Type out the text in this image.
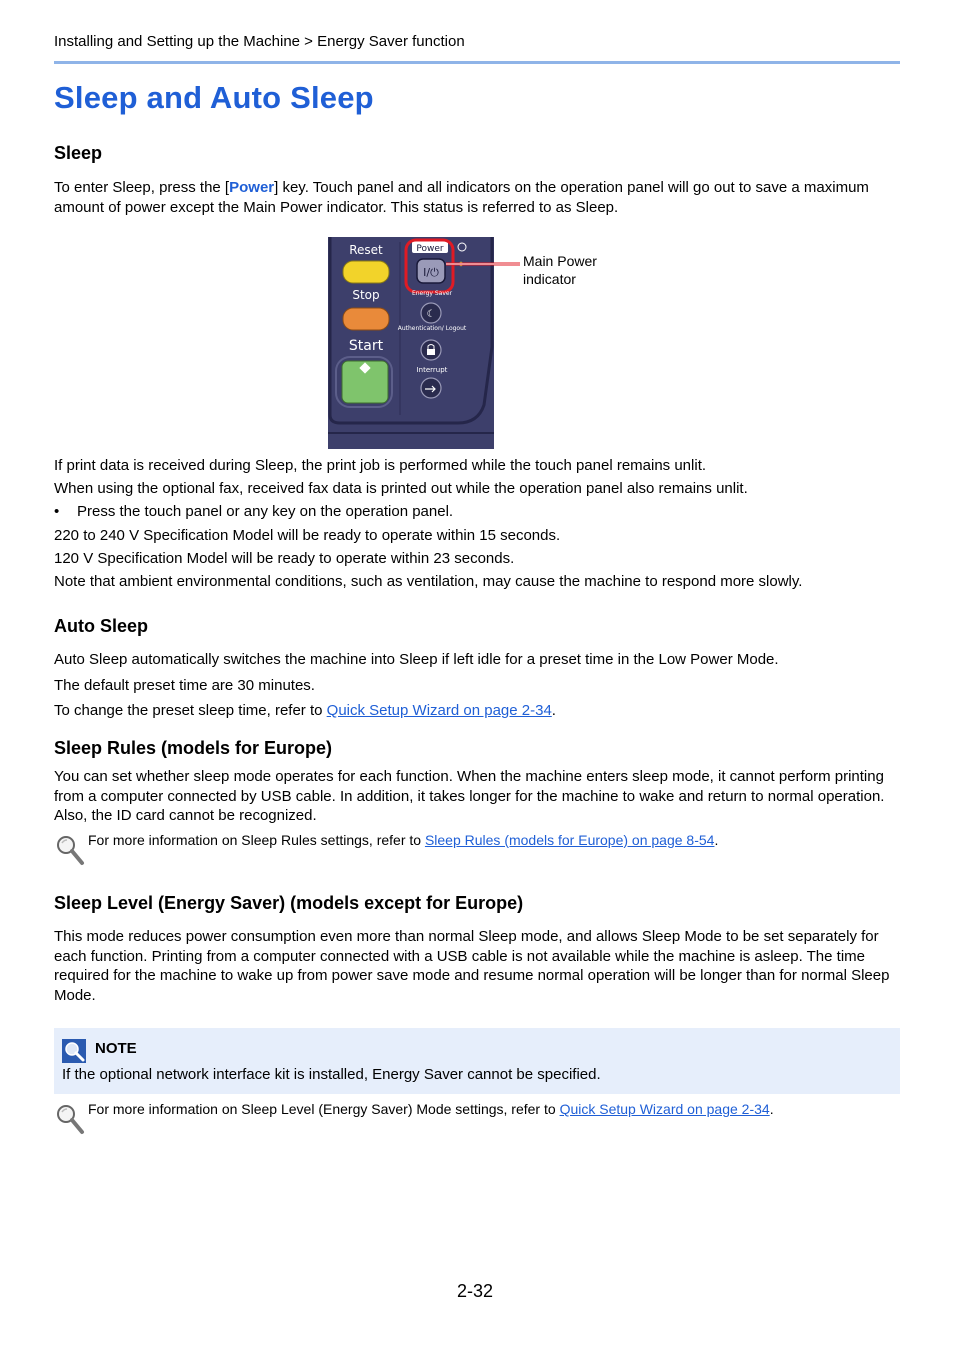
Installing and Setting up the Machine > Energy Saver function
Sleep and Auto Sleep
Sleep

To enter Sleep, press the [Power] key. Touch panel and all indicators on the operation panel will go out to save a maximum amount of power except the Main Power indicator. This status is referred to as Sleep.

Reset
Stop
Start
Power
I/⏻
Energy Saver
☾
Authentication/ Logout
Interrupt
Main Power indicator

If print data is received during Sleep, the print job is performed while the touch panel remains unlit.

When using the optional fax, received fax data is printed out while the operation panel also remains unlit.

• Press the touch panel or any key on the operation panel.

220 to 240 V Specification Model will be ready to operate within 15 seconds.

120 V Specification Model will be ready to operate within 23 seconds.

Note that ambient environmental conditions, such as ventilation, may cause the machine to respond more slowly.

Auto Sleep

Auto Sleep automatically switches the machine into Sleep if left idle for a preset time in the Low Power Mode.

The default preset time are 30 minutes.

To change the preset sleep time, refer to Quick Setup Wizard on page 2-34.

Sleep Rules (models for Europe)

You can set whether sleep mode operates for each function. When the machine enters sleep mode, it cannot perform printing from a computer connected by USB cable. In addition, it takes longer for the machine to wake and return to normal operation. Also, the ID card cannot be recognized.

For more information on Sleep Rules settings, refer to Sleep Rules (models for Europe) on page 8-54.
Sleep Level (Energy Saver) (models except for Europe)

This mode reduces power consumption even more than normal Sleep mode, and allows Sleep Mode to be set separately for each function. Printing from a computer connected with a USB cable is not available while the machine is asleep. The time required for the machine to wake up from power save mode and resume normal operation will be longer than for normal Sleep Mode.

NOTE
If the optional network interface kit is installed, Energy Saver cannot be specified.
For more information on Sleep Level (Energy Saver) Mode settings, refer to Quick Setup Wizard on page 2-34.
2-32
